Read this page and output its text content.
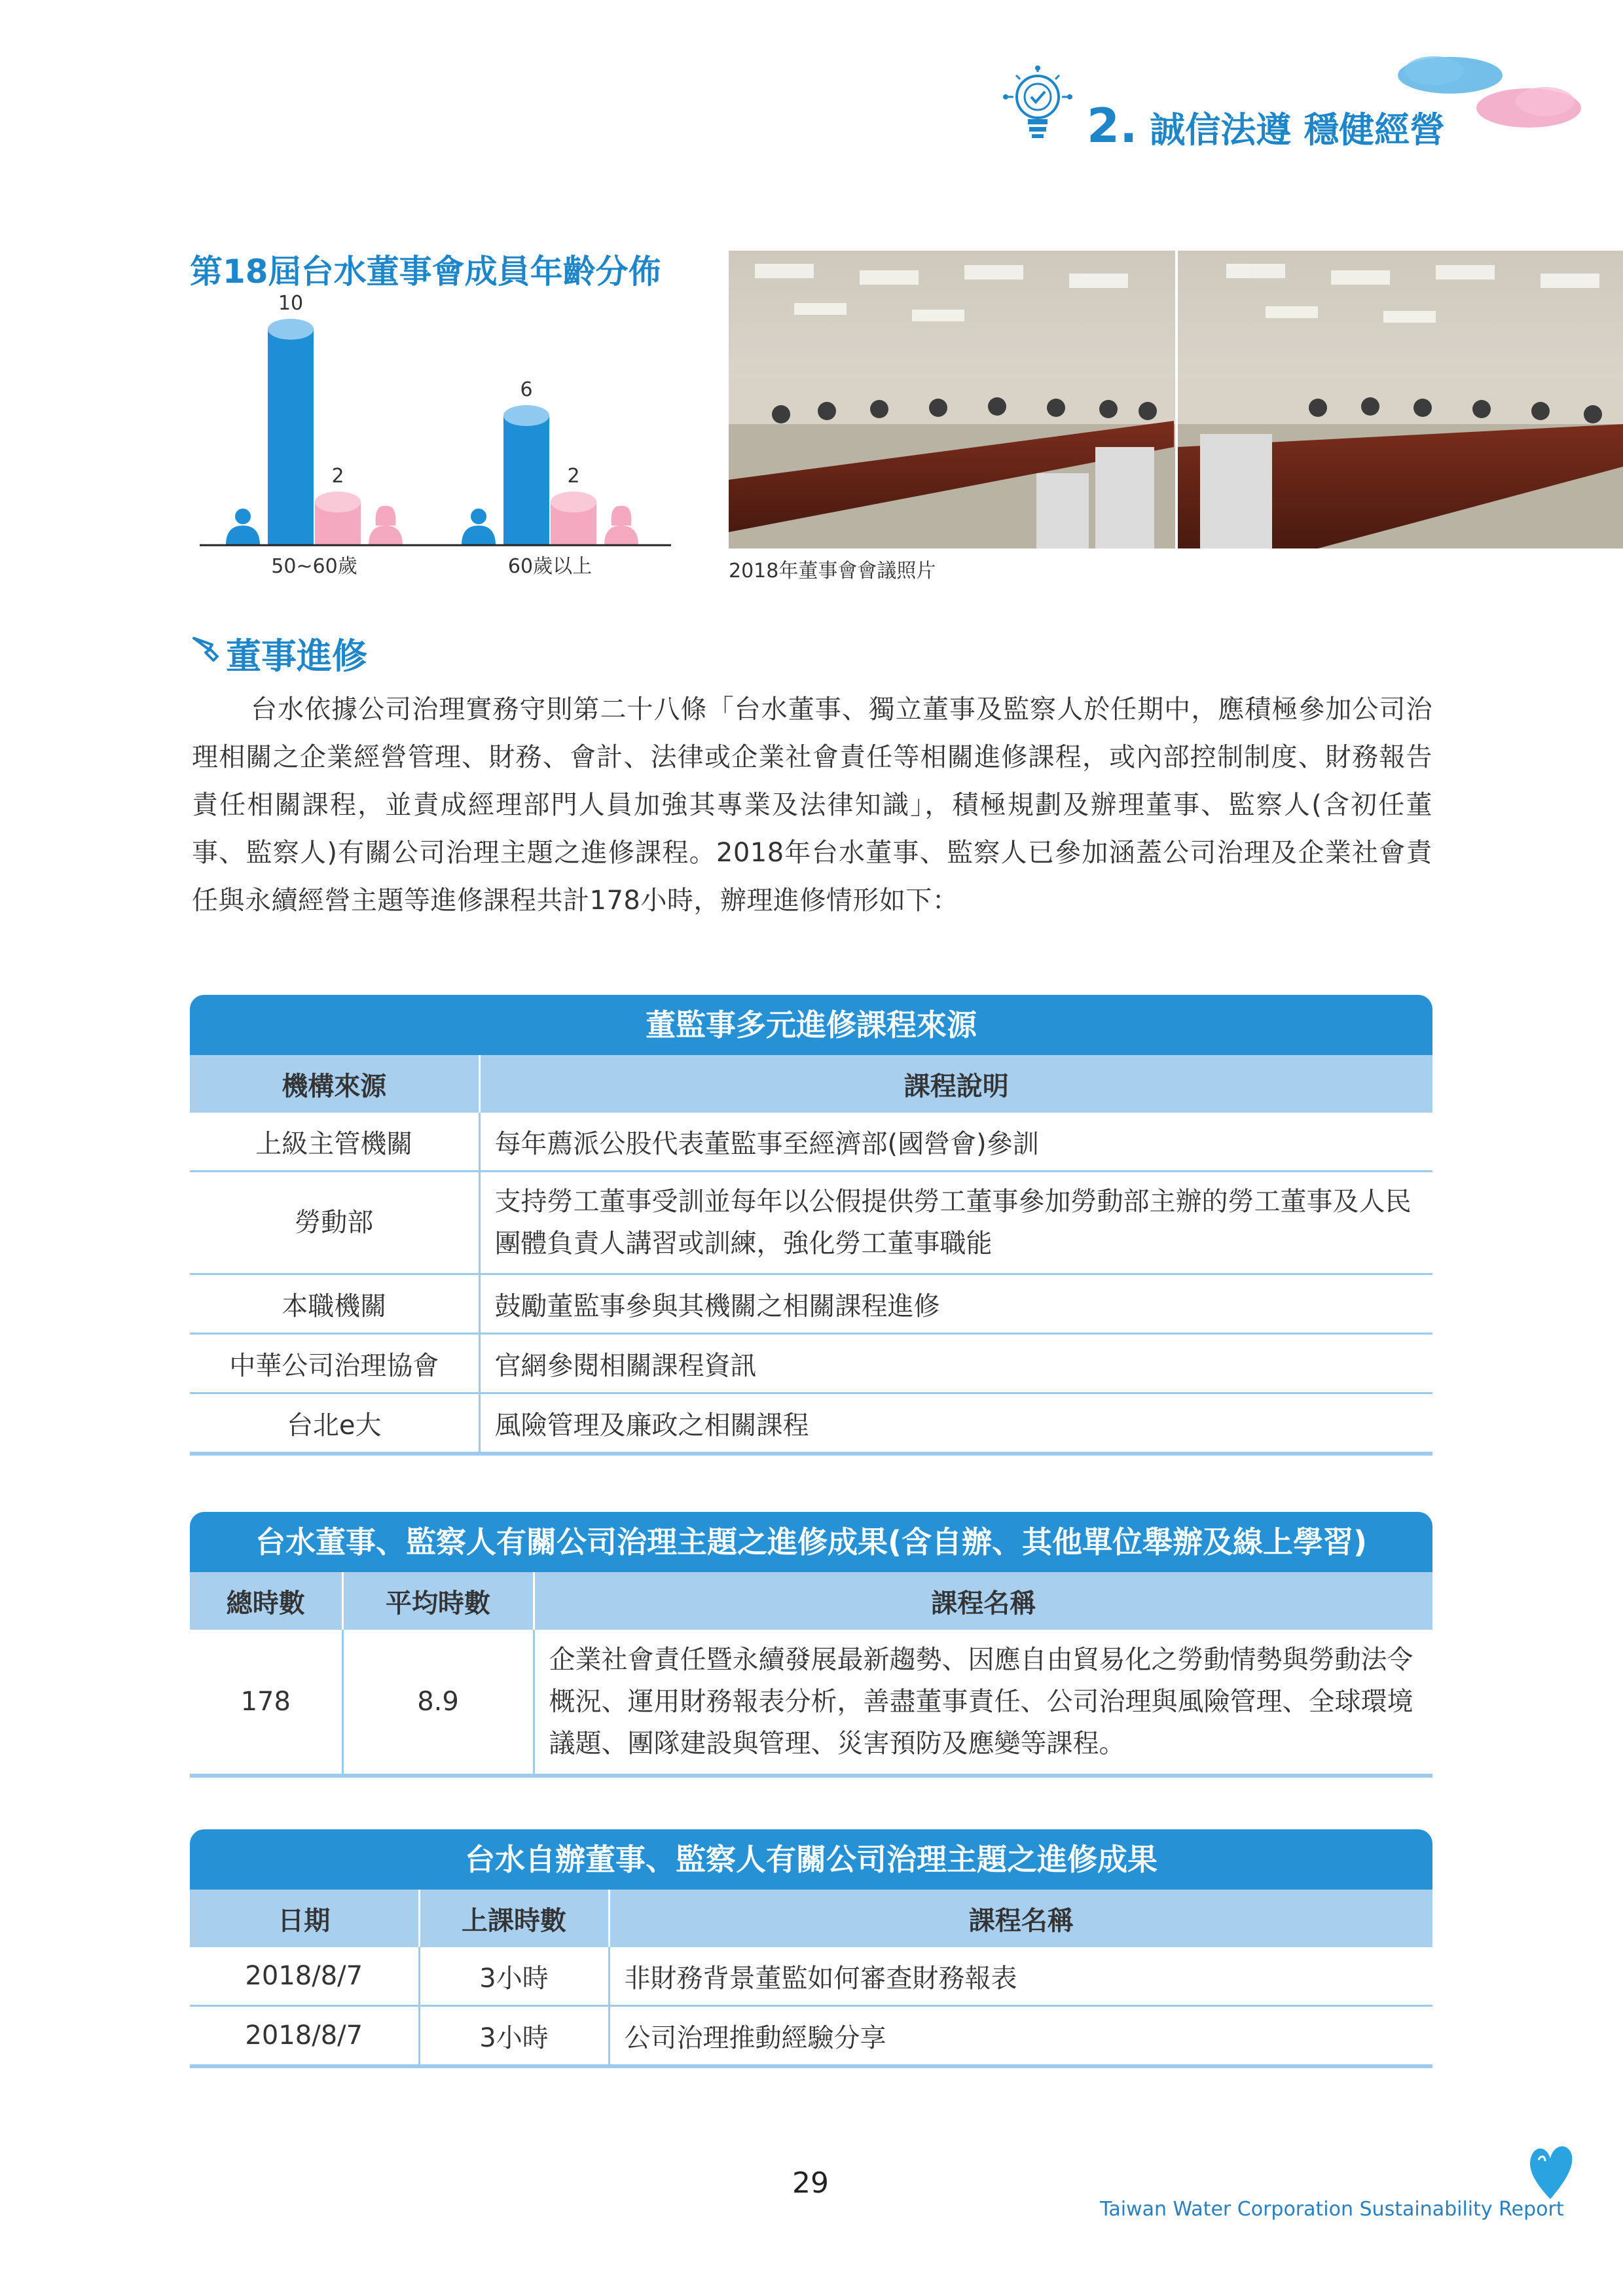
2. 誠信法遵 穩健經營
第18屆台水董事會成員年齡分佈
10
2
6
2
50~60歲	60歲以上	2018年董事會會議照片
董事進修
台水依據公司治理實務守則第二十八條「台水董事、獨立董事及監察人於任期中，應積極參加公司治理相關之企業經營管理、財務、會計、法律或企業社會責任等相關進修課程，或內部控制制度、財務報告責任相關課程，並責成經理部門人員加強其專業及法律知識」，積極規劃及辦理董事、監察人(含初任董事、監察人)有關公司治理主題之進修課程。2018年台水董事、監察人已參加涵蓋公司治理及企業社會責任與永續經營主題等進修課程共計178小時，辦理進修情形如下：
董監事多元進修課程來源
機構來源	課程說明
上級主管機關	每年薦派公股代表董監事至經濟部(國營會)參訓
勞動部	支持勞工董事受訓並每年以公假提供勞工董事參加勞動部主辦的勞工董事及人民團體負責人講習或訓練，強化勞工董事職能
本職機關	鼓勵董監事參與其機關之相關課程進修
中華公司治理協會	官網參閱相關課程資訊
台北e大	風險管理及廉政之相關課程
台水董事、監察人有關公司治理主題之進修成果(含自辦、其他單位舉辦及線上學習)
總時數	平均時數	課程名稱
178	8.9	企業社會責任暨永續發展最新趨勢、因應自由貿易化之勞動情勢與勞動法令概況、運用財務報表分析，善盡董事責任、公司治理與風險管理、全球環境議題、團隊建設與管理、災害預防及應變等課程。
台水自辦董事、監察人有關公司治理主題之進修成果
日期	上課時數	課程名稱
2018/8/7	3小時	非財務背景董監如何審查財務報表
2018/8/7	3小時	公司治理推動經驗分享
29
Taiwan Water Corporation Sustainability Report
